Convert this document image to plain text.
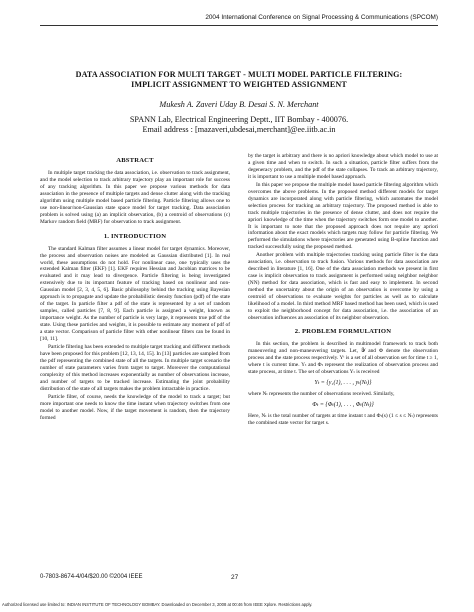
2004 International Conference on Signal Processing & Communications (SPCOM)
DATA ASSOCIATION FOR MULTI TARGET - MULTI MODEL PARTICLE FILTERING:
IMPLICIT ASSIGNMENT TO WEIGHTED ASSIGNMENT
Mukesh A. Zaveri Uday B. Desai S. N. Merchant
SPANN Lab, Electrical Engineering Deptt., IIT Bombay - 400076.
Email address : [mazaveri,ubdesai,merchant]@ee.iitb.ac.in
ABSTRACT

In multiple target tracking the data association, i.e. observation to track assignment, and the model selection to track arbitrary trajectory play an important role for success of any tracking algorithm. In this paper we propose various methods for data association in the presence of multiple targets and dense clutter along with the tracking algorithm using multiple model based particle filtering. Particle filtering allows one to use non-linear/non-Gaussian state space model for target tracking. Data association problem is solved using (a) an implicit observation, (b) a centroid of observations (c) Markov random field (MRF) for observation to track assignment.

1. INTRODUCTION

The standard Kalman filter assumes a linear model for target dynamics. Moreover, the process and observation noises are modeled as Gaussian distributed [1]. In real world, these assumptions do not hold. For nonlinear case, one typically uses the extended Kalman filter (EKF) [1]. EKF requires Hessian and Jacobian matrices to be evaluated and it may lead to divergence. Particle filtering is being investigated extensively due to its important feature of tracking based on nonlinear and non-Gaussian model [2, 3, 4, 5, 6]. Basic philosophy behind the tracking using Bayesian approach is to propagate and update the probabilistic density function (pdf) of the state of the target. In particle filter a pdf of the state is represented by a set of random samples, called particles [7, 8, 9]. Each particle is assigned a weight, known as importance weight. As the number of particle is very large, it represents true pdf of the state. Using these particles and weights, it is possible to estimate any moment of pdf of a state vector. Comparison of particle filter with other nonlinear filters can be found in [10, 11].

Particle filtering has been extended to multiple target tracking and different methods have been proposed for this problem [12, 13, 14, 15]. In [13] particles are sampled from the pdf representing the combined state of all the targets. In multiple target scenario the number of state parameters varies from target to target. Moreover the computational complexity of this method increases exponentially as number of observations increase, and number of targets to be tracked increase. Estimating the joint probability distribution of the state of all targets makes the problem intractable in practice.

Particle filter, of course, needs the knowledge of the model to track a target; but more important one needs to know the time instant when trajectory switches from one model to another model. Now, if the target movement is random, then the trajectory formed

by the target is arbitrary and there is no apriori knowledge about which model to use at a given time and when to switch. In such a situation, particle filter suffers from the degeneracy problem, and the pdf of the state collapses. To track an arbitrary trajectory, it is important to use a multiple model based approach.

In this paper we propose the multiple model based particle filtering algorithm which overcomes the above problems. In the proposed method different models for target dynamics are incorporated along with particle filtering, which automates the model selection process for tracking an arbitrary trajectory. The proposed method is able to track multiple trajectories in the presence of dense clutter, and does not require the apriori knowledge of the time when the trajectory switches form one model to another. It is important to note that the proposed approach does not require any apriori information about the exact models which targets may follow for particle filtering. We performed the simulations where trajectories are generated using B-spline function and tracked successfully using the proposed method.

Another problem with multiple trajectories tracking using particle filter is the data association, i.e. observation to track fusion. Various methods for data association are described in literature [1, 16]. One of the data association methods we present in first case is implicit observation to track assignment is performed using neighbor neighbor (NN) method for data association, which is fast and easy to implement. In second method the uncertainty about the origin of an observation is overcome by using a centroid of observations to evaluate weights for particles as well as to calculate likelihood of a model. In third method MRF based method has been used, which is used to exploit the neighborhood concept for data association, i.e. the association of an observation influences an association of its neighbor observation.

2. PROBLEM FORMULATION

In this section, the problem is described in multimodel framework to track both maneuvering and non-maneuvering targets. Let, 𝒴 and Φ denote the observation process and the state process respectively. Yᵗ is a set of all observation set for time t ≥ 1, where t is current time. Yₜ and Φₜ represent the realization of observation process and state process, at time t. The set of observations Yₜ is received

Yₜ = {y₁(1), . . . , yₜ(Nₜ)}

where Nₜ represents the number of observations received. Similarly,

Φₜ = {Φₜ(1), . . . , Φₜ(Nₜ)}

Here, Nₜ is the total number of targets at time instant t and Φₜ(s) (1 ≤ s ≤ Nₜ) represents the combined state vector for target s.

0-7803-8674-4/04/$20.00 ©2004 IEEE	27
Authorized licensed use limited to: INDIAN INSTITUTE OF TECHNOLOGY BOMBAY. Downloaded on December 3, 2008 at 00:46 from IEEE Xplore. Restrictions apply.
